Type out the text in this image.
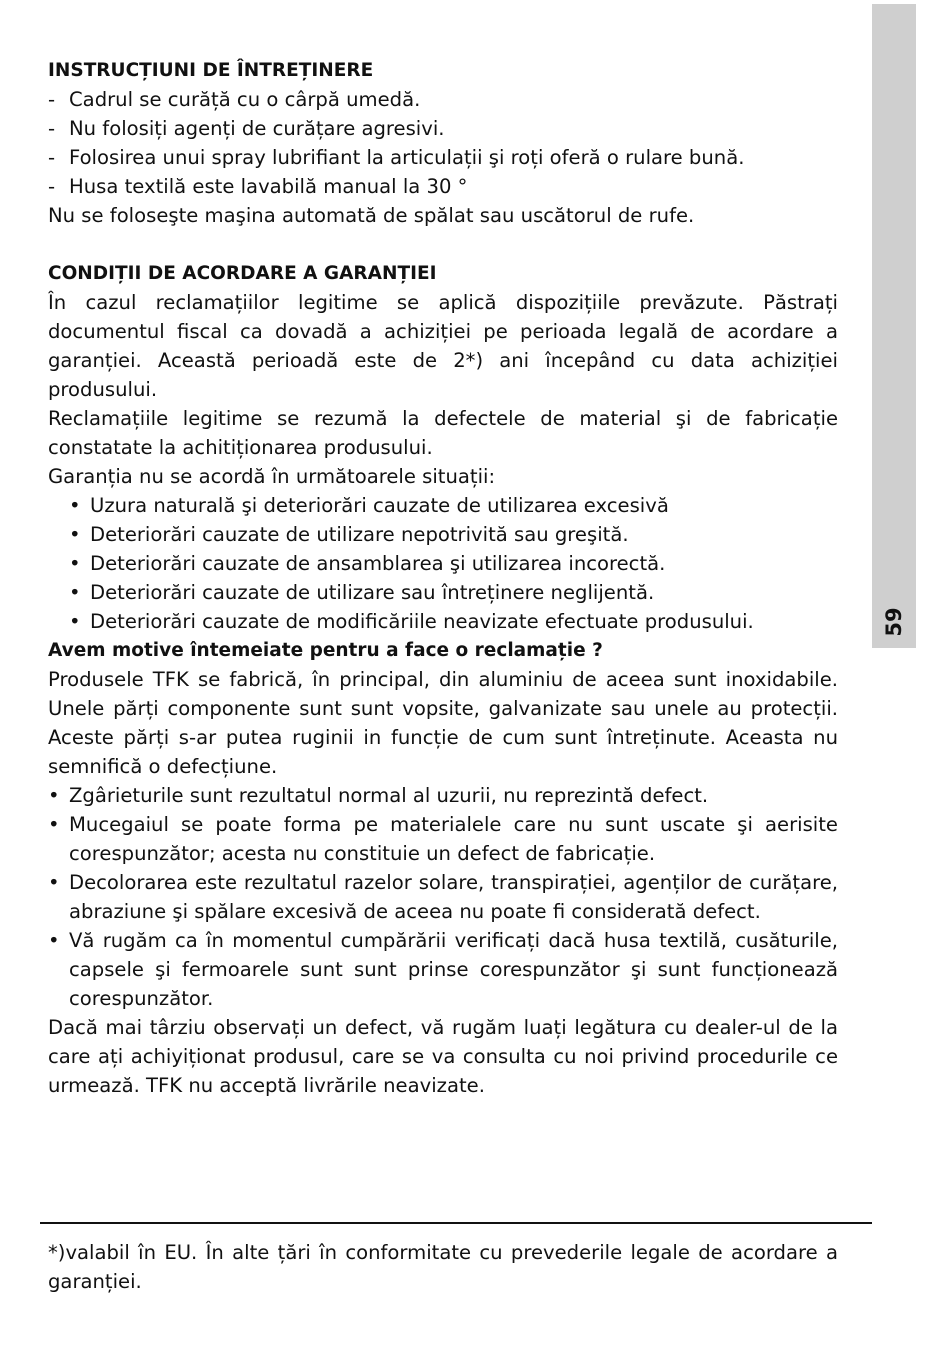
59

INSTRUCȚIUNI DE ÎNTREȚINERE

- Cadrul se curăță cu o cârpă umedă.
- Nu folosiți agenți de curățare agresivi.
- Folosirea unui spray lubrifiant la articulații şi roți oferă o rulare bună.
- Husa textilă este lavabilă manual la 30 °

Nu se foloseşte maşina automată de spălat sau uscătorul de rufe.

CONDIȚII DE ACORDARE A GARANȚIEI

În cazul reclamațiilor legitime se aplică dispozițiile prevăzute. Păstrați documentul fiscal ca dovadă a achiziției pe perioada legală de acordare a garanției. Această perioadă este de 2*) ani începând cu data achiziției produsului.

Reclamațiile legitime se rezumă la defectele de material şi de fabricație constatate la achitiționarea produsului.

Garanția nu se acordă în următoarele situații:

• Uzura naturală şi deteriorări cauzate de utilizarea excesivă
• Deteriorări cauzate de utilizare nepotrivită sau greşită.
• Deteriorări cauzate de ansamblarea şi utilizarea incorectă.
• Deteriorări cauzate de utilizare sau întreținere neglijentă.
• Deteriorări cauzate de modificăriile neavizate efectuate produsului.

Avem motive întemeiate pentru a face o reclamație ?

Produsele TFK se fabrică, în principal, din aluminiu de aceea sunt inoxidabile. Unele părți componente sunt sunt vopsite, galvanizate sau unele au protecții. Aceste părți s-ar putea ruginii in funcție de cum sunt întreținute. Aceasta nu semnifică o defecțiune.

• Zgârieturile sunt rezultatul normal al uzurii, nu reprezintă defect.
• Mucegaiul se poate forma pe materialele care nu sunt uscate şi aerisite corespunzător; acesta nu constituie un defect de fabricație.
• Decolorarea este rezultatul razelor solare, transpirației, agenților de curățare, abraziune şi spălare excesivă de aceea nu poate fi considerată defect.
• Vă rugăm ca în momentul cumpărării verificați dacă husa textilă, cusăturile, capsele şi fermoarele sunt sunt prinse corespunzător şi sunt funcționează corespunzător.

Dacă mai târziu observați un defect, vă rugăm luați legătura cu dealer-ul de la care ați achiyiționat produsul, care se va consulta cu noi privind procedurile ce urmează. TFK nu acceptă livrările neavizate.

*)valabil în EU. În alte țări în conformitate cu prevederile legale de acordare a garanției.
